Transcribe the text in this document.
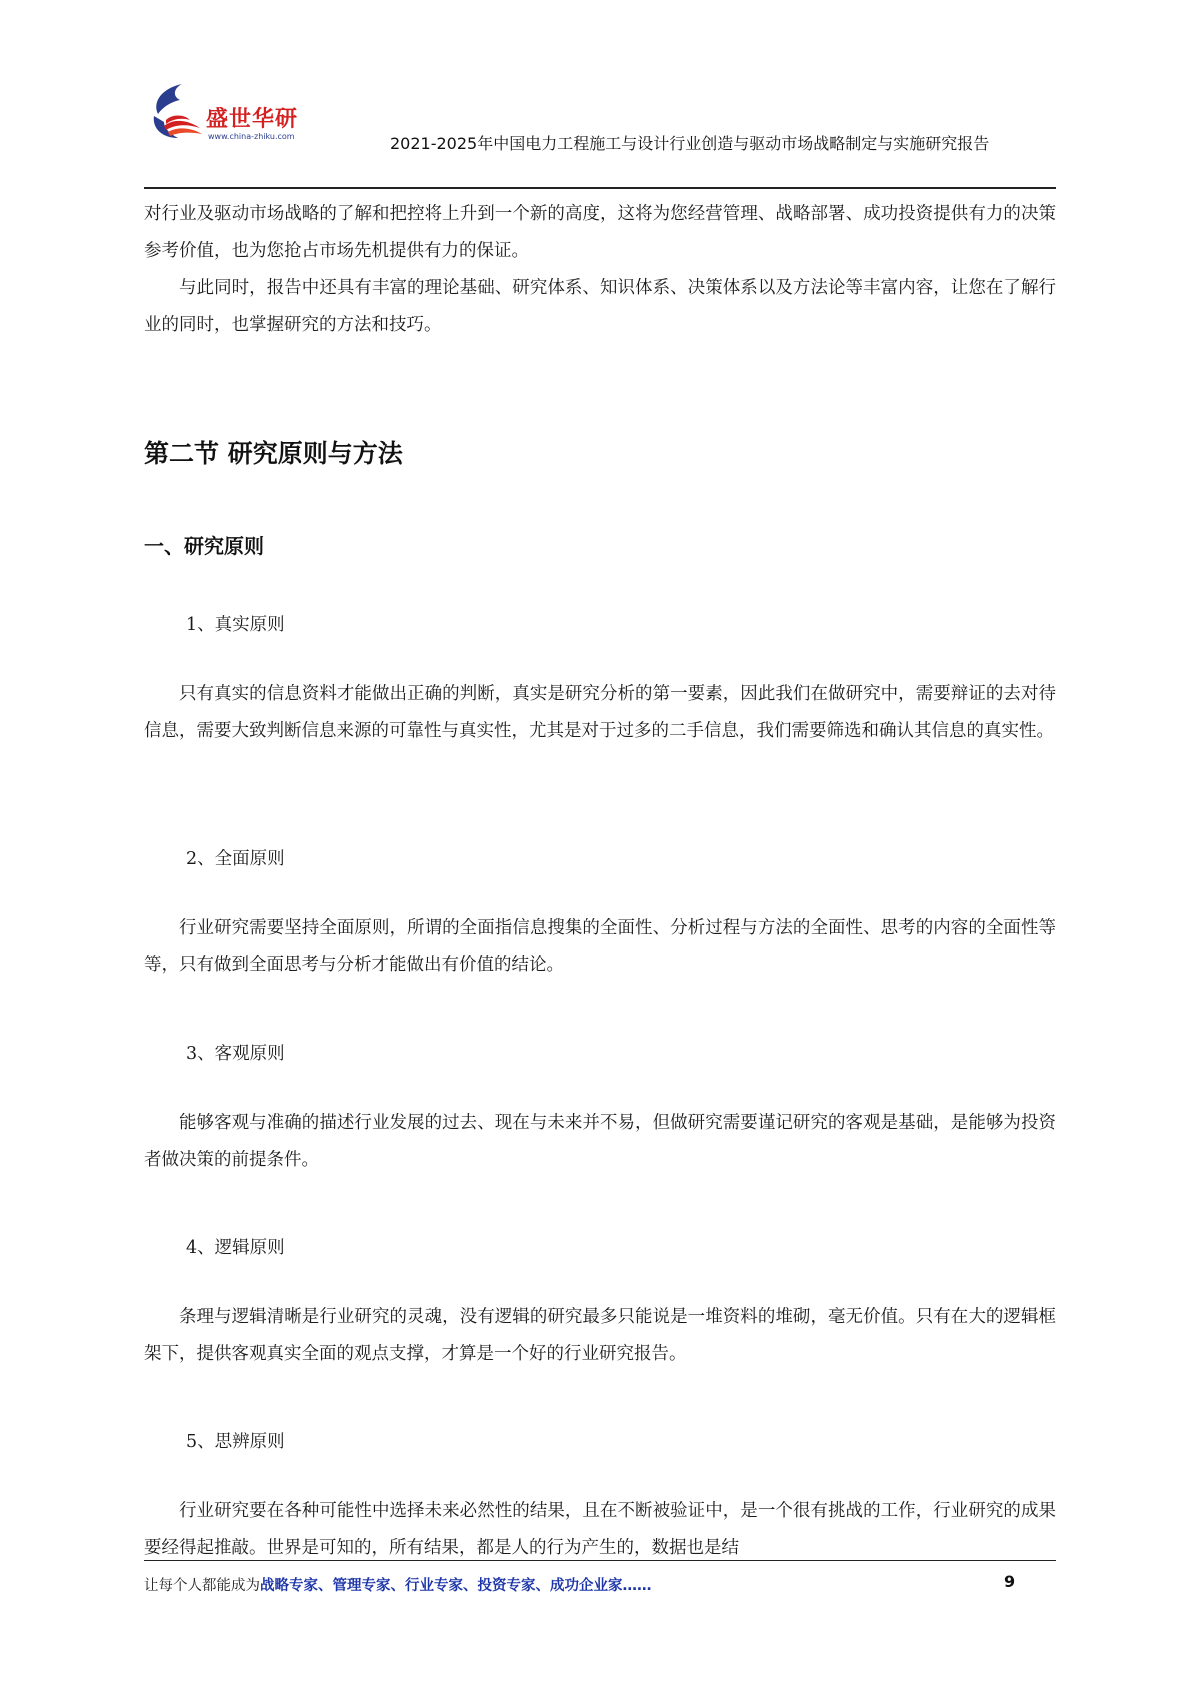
盛世华研
www.china-zhiku.com	2021-2025年中国电力工程施工与设计行业创造与驱动市场战略制定与实施研究报告

对行业及驱动市场战略的了解和把控将上升到一个新的高度，这将为您经营管理、战略部署、成功投资提供有力的决策参考价值，也为您抢占市场先机提供有力的保证。

与此同时，报告中还具有丰富的理论基础、研究体系、知识体系、决策体系以及方法论等丰富内容，让您在了解行业的同时，也掌握研究的方法和技巧。

第二节 研究原则与方法
一、研究原则

1、真实原则

只有真实的信息资料才能做出正确的判断，真实是研究分析的第一要素，因此我们在做研究中，需要辩证的去对待信息，需要大致判断信息来源的可靠性与真实性，尤其是对于过多的二手信息，我们需要筛选和确认其信息的真实性。

2、全面原则

行业研究需要坚持全面原则，所谓的全面指信息搜集的全面性、分析过程与方法的全面性、思考的内容的全面性等等，只有做到全面思考与分析才能做出有价值的结论。

3、客观原则

能够客观与准确的描述行业发展的过去、现在与未来并不易，但做研究需要谨记研究的客观是基础，是能够为投资者做决策的前提条件。

4、逻辑原则

条理与逻辑清晰是行业研究的灵魂，没有逻辑的研究最多只能说是一堆资料的堆砌，毫无价值。只有在大的逻辑框架下，提供客观真实全面的观点支撑，才算是一个好的行业研究报告。

5、思辨原则

行业研究要在各种可能性中选择未来必然性的结果，且在不断被验证中，是一个很有挑战的工作，行业研究的成果要经得起推敲。世界是可知的，所有结果，都是人的行为产生的，数据也是结

让每个人都能成为战略专家、管理专家、行业专家、投资专家、成功企业家……	9
